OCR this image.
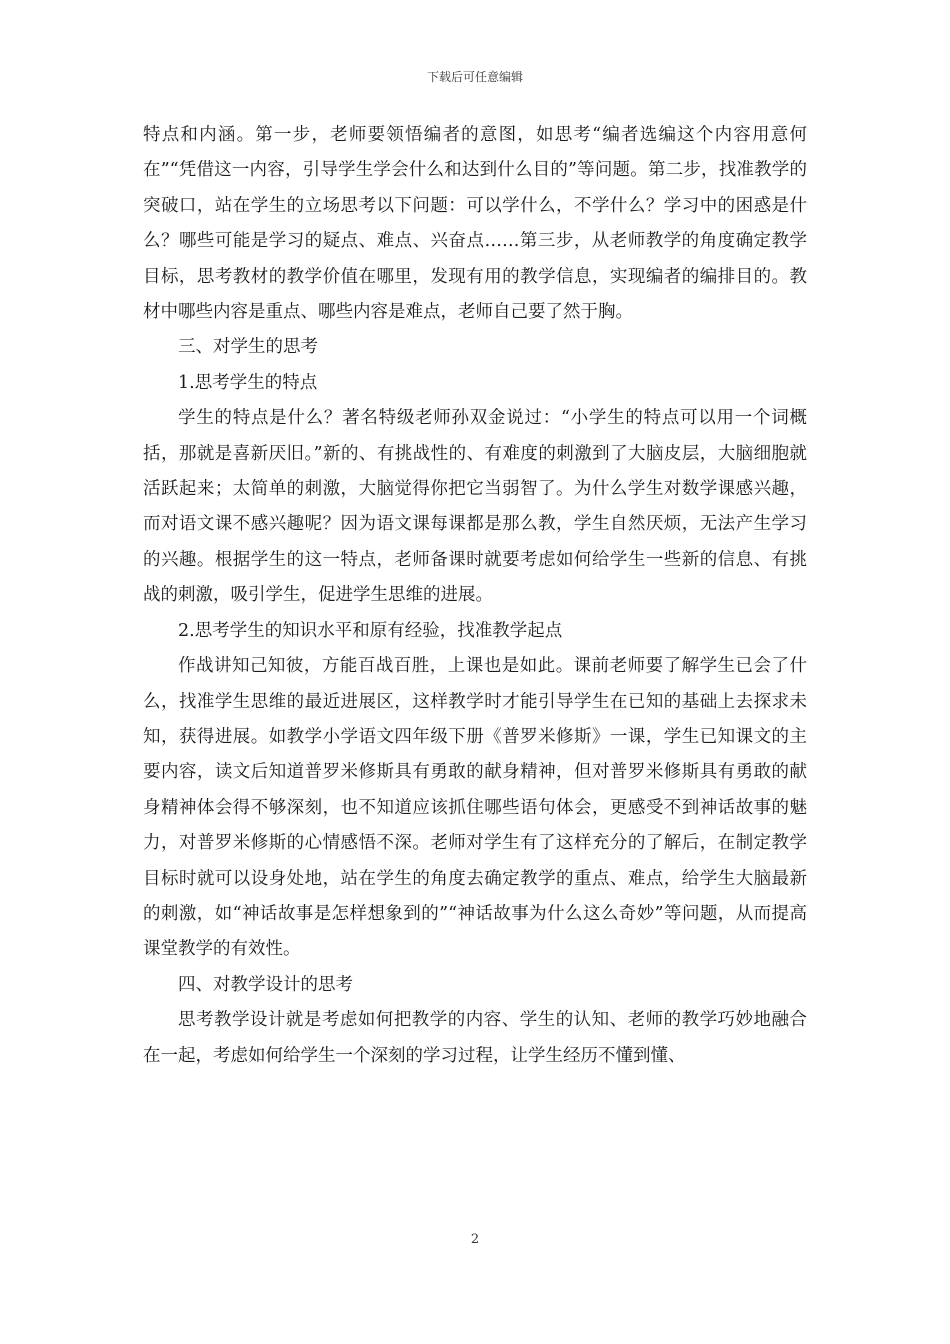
下载后可任意编辑

特点和内涵。第一步，老师要领悟编者的意图，如思考“编者选编这个内容用意何在”“凭借这一内容，引导学生学会什么和达到什么目的”等问题。第二步，找准教学的突破口，站在学生的立场思考以下问题：可以学什么，不学什么？学习中的困惑是什么？哪些可能是学习的疑点、难点、兴奋点……第三步，从老师教学的角度确定教学目标，思考教材的教学价值在哪里，发现有用的教学信息，实现编者的编排目的。教材中哪些内容是重点、哪些内容是难点，老师自己要了然于胸。

三、对学生的思考

1.思考学生的特点

学生的特点是什么？著名特级老师孙双金说过：“小学生的特点可以用一个词概括，那就是喜新厌旧。”新的、有挑战性的、有难度的刺激到了大脑皮层，大脑细胞就活跃起来；太简单的刺激，大脑觉得你把它当弱智了。为什么学生对数学课感兴趣，而对语文课不感兴趣呢？因为语文课每课都是那么教，学生自然厌烦，无法产生学习的兴趣。根据学生的这一特点，老师备课时就要考虑如何给学生一些新的信息、有挑战的刺激，吸引学生，促进学生思维的进展。

2.思考学生的知识水平和原有经验，找准教学起点

作战讲知己知彼，方能百战百胜，上课也是如此。课前老师要了解学生已会了什么，找准学生思维的最近进展区，这样教学时才能引导学生在已知的基础上去探求未知，获得进展。如教学小学语文四年级下册《普罗米修斯》一课，学生已知课文的主要内容，读文后知道普罗米修斯具有勇敢的献身精神，但对普罗米修斯具有勇敢的献身精神体会得不够深刻，也不知道应该抓住哪些语句体会，更感受不到神话故事的魅力，对普罗米修斯的心情感悟不深。老师对学生有了这样充分的了解后，在制定教学目标时就可以设身处地，站在学生的角度去确定教学的重点、难点，给学生大脑最新的刺激，如“神话故事是怎样想象到的”“神话故事为什么这么奇妙”等问题，从而提高课堂教学的有效性。

四、对教学设计的思考

思考教学设计就是考虑如何把教学的内容、学生的认知、老师的教学巧妙地融合在一起，考虑如何给学生一个深刻的学习过程，让学生经历不懂到懂、

2
